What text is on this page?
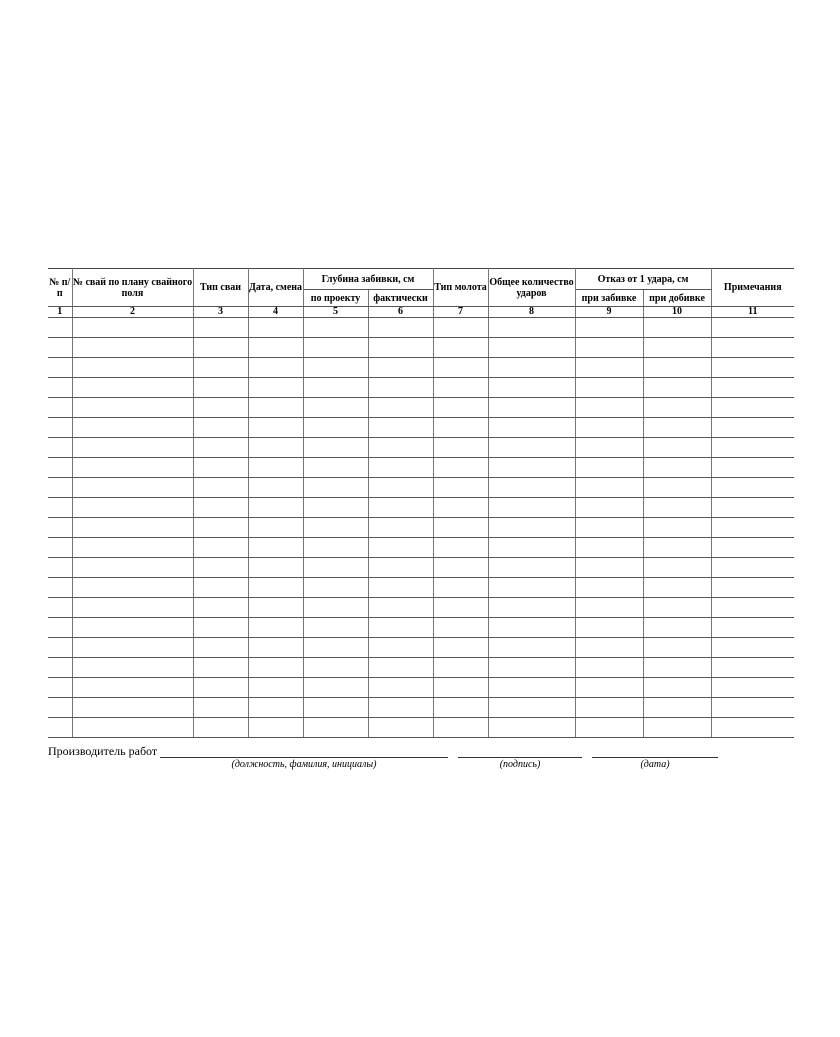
№ п/п	№ свай по плану свайного поля	Тип сваи	Дата, смена	Глубина забивки, см		Тип молота	Общее количество ударов	Отказ от 1 удара, см		Примечания
				по проекту	фактически			при забивке	при добивке	
1	2	3	4	5	6	7	8	9	10	11

Производитель работ
(должность, фамилия, инициалы)	(подпись)	(дата)
